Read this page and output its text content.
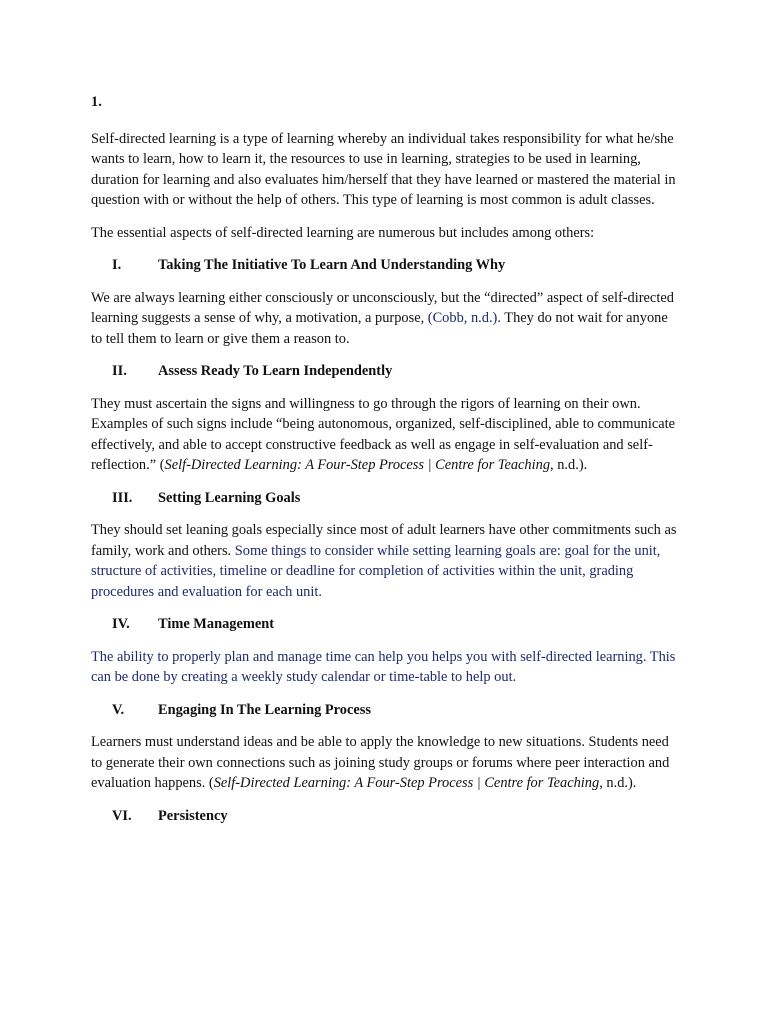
1.

Self-directed learning is a type of learning whereby an individual takes responsibility for what he/she wants to learn, how to learn it, the resources to use in learning, strategies to be used in learning, duration for learning and also evaluates him/herself that they have learned or mastered the material in question with or without the help of others. This type of learning is most common is adult classes.

The essential aspects of self-directed learning are numerous but includes among others:

I.	Taking The Initiative To Learn And Understanding Why

We are always learning either consciously or unconsciously, but the “directed” aspect of self-directed learning suggests a sense of why, a motivation, a purpose, (Cobb, n.d.). They do not wait for anyone to tell them to learn or give them a reason to.

II.	Assess Ready To Learn Independently

They must ascertain the signs and willingness to go through the rigors of learning on their own. Examples of such signs include “being autonomous, organized, self-disciplined, able to communicate effectively, and able to accept constructive feedback as well as engage in self-evaluation and self-reflection.” (Self-Directed Learning: A Four-Step Process | Centre for Teaching, n.d.).

III.	Setting Learning Goals

They should set leaning goals especially since most of adult learners have other commitments such as family, work and others. Some things to consider while setting learning goals are: goal for the unit, structure of activities, timeline or deadline for completion of activities within the unit, grading procedures and evaluation for each unit.

IV.	Time Management

The ability to properly plan and manage time can help you helps you with self-directed learning. This can be done by creating a weekly study calendar or time-table to help out.

V.	Engaging In The Learning Process

Learners must understand ideas and be able to apply the knowledge to new situations. Students need to generate their own connections such as joining study groups or forums where peer interaction and evaluation happens. (Self-Directed Learning: A Four-Step Process | Centre for Teaching, n.d.).

VI.	Persistency
